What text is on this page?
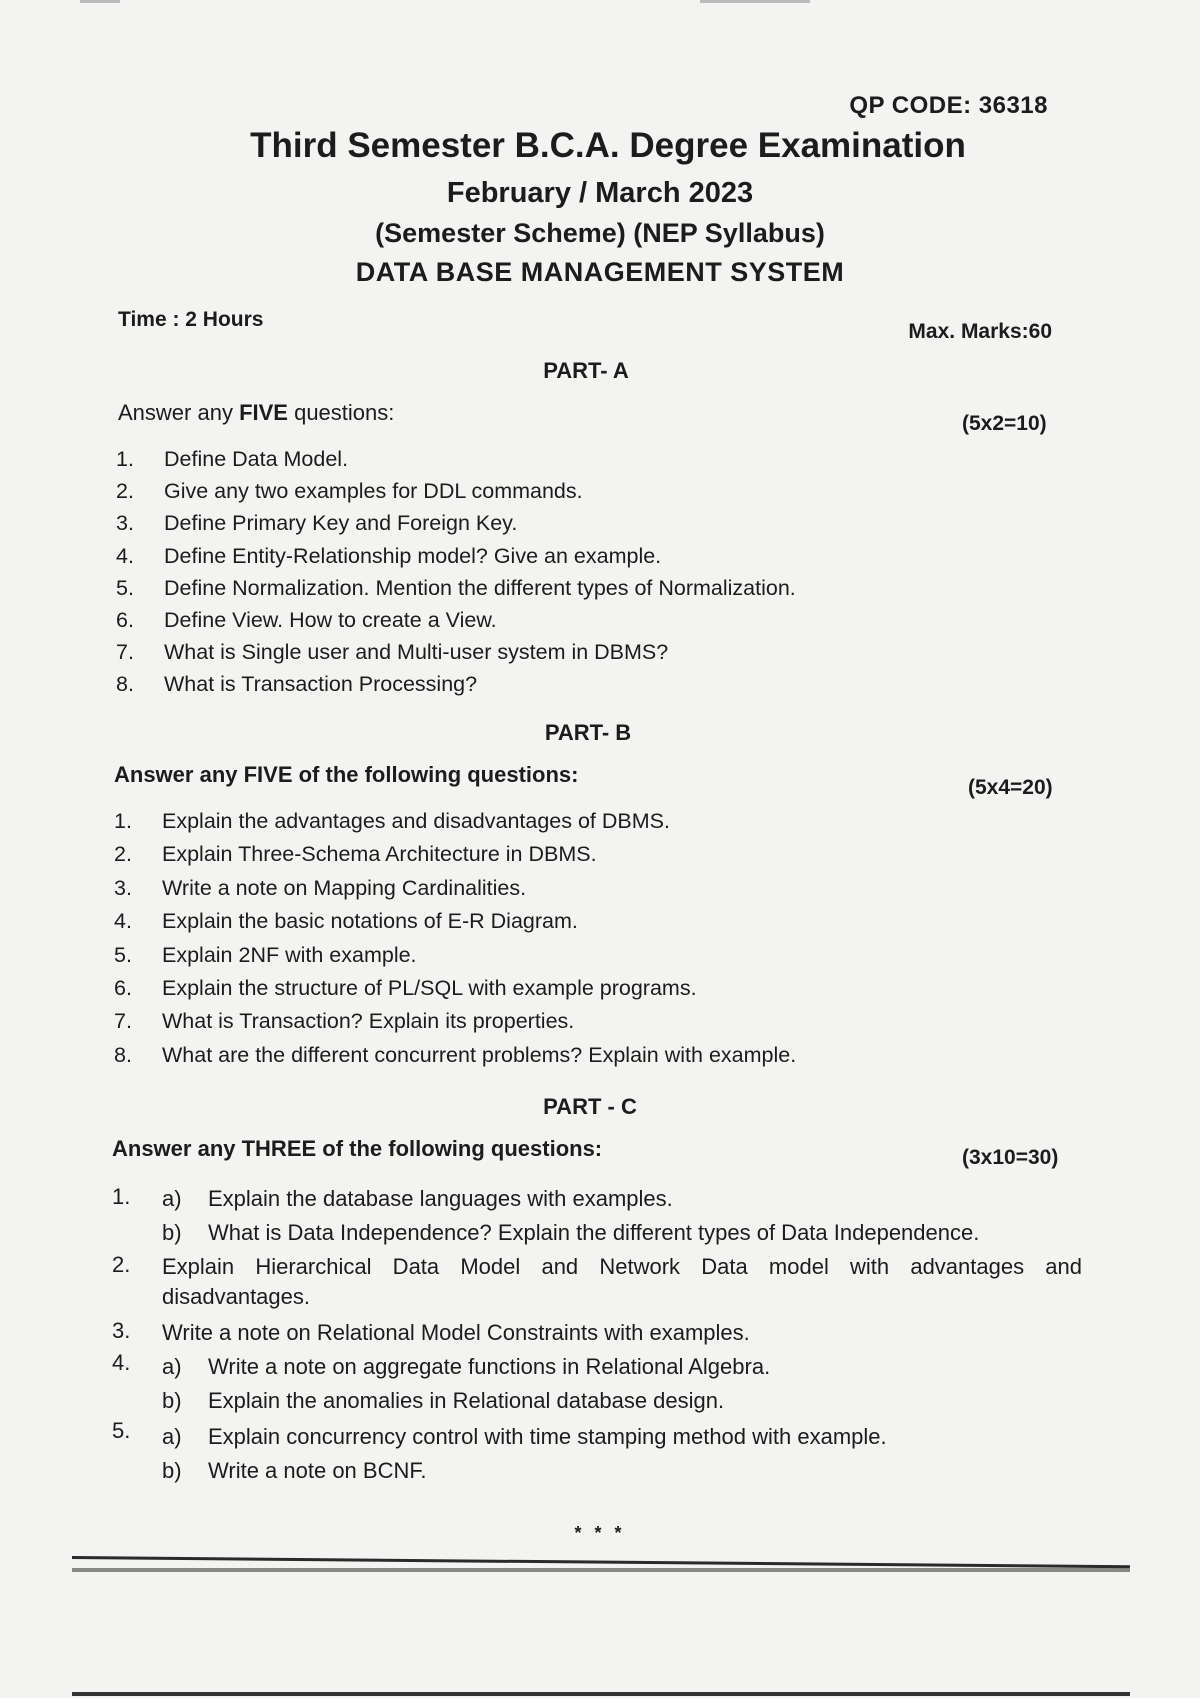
QP CODE: 36318
Third Semester B.C.A. Degree Examination
February / March 2023
(Semester Scheme) (NEP Syllabus)
DATA BASE MANAGEMENT SYSTEM
Time : 2 Hours
Max. Marks:60
PART- A
Answer any FIVE questions:	(5x2=10)
1.	Define Data Model.
2.	Give any two examples for DDL commands.
3.	Define Primary Key and Foreign Key.
4.	Define Entity-Relationship model? Give an example.
5.	Define Normalization. Mention the different types of Normalization.
6.	Define View. How to create a View.
7.	What is Single user and Multi-user system in DBMS?
8.	What is Transaction Processing?
PART- B
Answer any FIVE of the following questions:
(5x4=20)
1.	Explain the advantages and disadvantages of DBMS.
2.	Explain Three-Schema Architecture in DBMS.
3.	Write a note on Mapping Cardinalities.
4.	Explain the basic notations of E-R Diagram.
5.	Explain 2NF with example.
6.	Explain the structure of PL/SQL with example programs.
7.	What is Transaction? Explain its properties.
8.	What are the different concurrent problems? Explain with example.
PART - C
Answer any THREE of the following questions:	(3x10=30)
1. a) Explain the database languages with examples.
b) What is Data Independence? Explain the different types of Data Independence.
2. Explain Hierarchical Data Model and Network Data model with advantages and
disadvantages.
3. Write a note on Relational Model Constraints with examples.
4. a) Write a note on aggregate functions in Relational Algebra.
b) Explain the anomalies in Relational database design.
5. a) Explain concurrency control with time stamping method with example.
b) Write a note on BCNF.
* * *
